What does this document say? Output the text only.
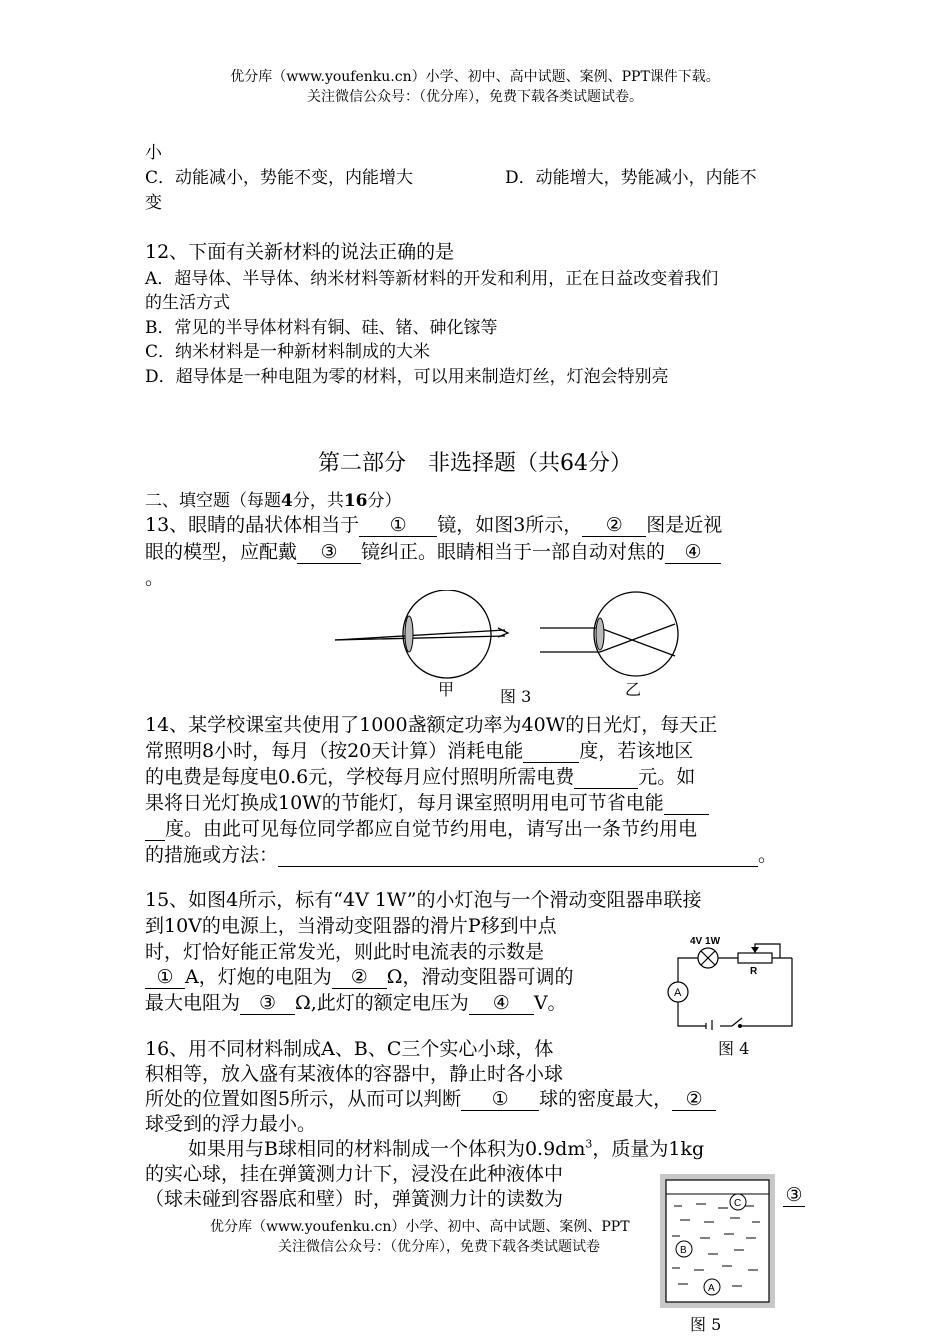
优分库（www.youfenku.cn）小学、初中、高中试题、案例、PPT课件下载。
关注微信公众号：（优分库），免费下载各类试题试卷。
小
C．动能减小，势能不变，内能增大	D．动能增大，势能减小，内能不
变
12、下面有关新材料的说法正确的是
A．超导体、半导体、纳米材料等新材料的开发和利用，正在日益改变着我们
的生活方式
B．常见的半导体材料有铜、硅、锗、砷化镓等
C．纳米材料是一种新材料制成的大米
D．超导体是一种电阻为零的材料，可以用来制造灯丝，灯泡会特别亮
第二部分　非选择题（共64分）
二、填空题（每题4分，共16分）
13、眼睛的晶状体相当于 ① 镜，如图3所示， ② 图是近视
眼的模型，应配戴 ③ 镜纠正。眼睛相当于一部自动对焦的 ④
。
甲	图 3	乙
14、某学校课室共使用了1000盏额定功率为40W的日光灯，每天正
常照明8小时，每月（按20天计算）消耗电能	度，若该地区
的电费是每度电0.6元，学校每月应付照明所需电费	元。如
果将日光灯换成10W的节能灯，每月课室照明用电可节省电能
度。由此可见每位同学都应自觉节约用电，请写出一条节约用电
的措施或方法：	。
15、如图4所示，标有“4V 1W”的小灯泡与一个滑动变阻器串联接
到10V的电源上，当滑动变阻器的滑片P移到中点
时，灯恰好能正常发光，则此时电流表的示数是
① A，灯炮的电阻为 ② Ω，滑动变阻器可调的
最大电阻为 ③ Ω,此灯的额定电压为 ④ V。
4V 1W
R
A
图 4
16、用不同材料制成A、B、C三个实心小球，体
积相等，放入盛有某液体的容器中，静止时各小球
所处的位置如图5所示，从而可以判断 ① 球的密度最大， ②
球受到的浮力最小。
如果用与B球相同的材料制成一个体积为$0.9dm^3$，质量为1kg
的实心球，挂在弹簧测力计下，浸没在此种液体中
（球未碰到容器底和壁）时，弹簧测力计的读数为	③
C
B
A
图 5
优分库（www.youfenku.cn）小学、初中、高中试题、案例、PPT
关注微信公众号：（优分库），免费下载各类试题试卷
